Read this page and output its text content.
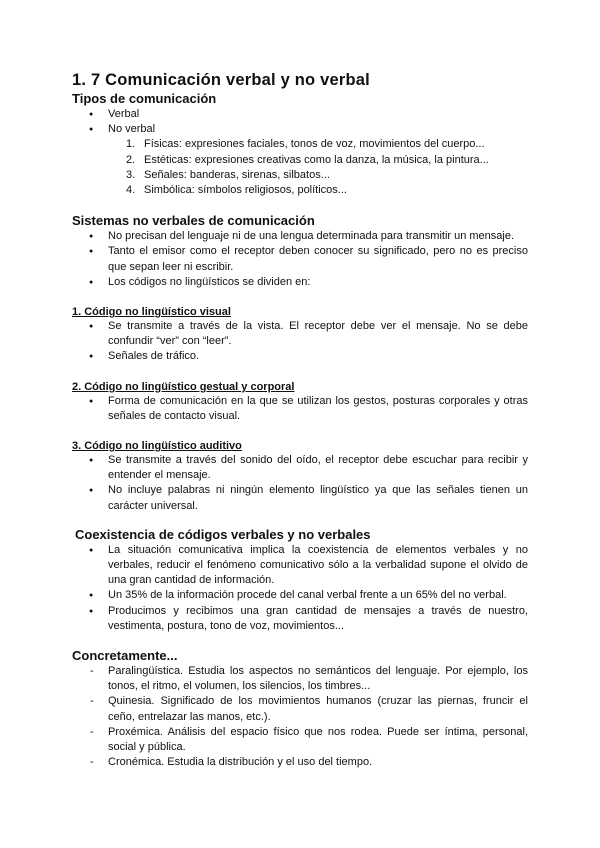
1. 7 Comunicación verbal y no verbal
Tipos de comunicación
● Verbal
● No verbal
1. Físicas: expresiones faciales, tonos de voz, movimientos del cuerpo...
2. Estéticas: expresiones creativas como la danza, la música, la pintura...
3. Señales: banderas, sirenas, silbatos...
4. Simbólica: símbolos religiosos, políticos...
Sistemas no verbales de comunicación
● No precisan del lenguaje ni de una lengua determinada para transmitir un mensaje.
● Tanto el emisor como el receptor deben conocer su significado, pero no es preciso que sepan leer ni escribir.
● Los códigos no lingüísticos se dividen en:
1. Código no lingüístico visual
● Se transmite a través de la vista. El receptor debe ver el mensaje. No se debe confundir “ver” con “leer”.
● Señales de tráfico.
2. Código no lingüístico gestual y corporal
● Forma de comunicación en la que se utilizan los gestos, posturas corporales y otras señales de contacto visual.
3. Código no lingüístico auditivo
● Se transmite a través del sonido del oído, el receptor debe escuchar para recibir y entender el mensaje.
● No incluye palabras ni ningún elemento lingüístico ya que las señales tienen un carácter universal.
Coexistencia de códigos verbales y no verbales
● La situación comunicativa implica la coexistencia de elementos verbales y no verbales, reducir el fenómeno comunicativo sólo a la verbalidad supone el olvido de una gran cantidad de información.
● Un 35% de la información procede del canal verbal frente a un 65% del no verbal.
● Producimos y recibimos una gran cantidad de mensajes a través de nuestro, vestimenta, postura, tono de voz, movimientos...
Concretamente...
- Paralingüística. Estudia los aspectos no semánticos del lenguaje. Por ejemplo, los tonos, el ritmo, el volumen, los silencios, los timbres...
- Quinesia. Significado de los movimientos humanos (cruzar las piernas, fruncir el ceño, entrelazar las manos, etc.).
- Proxémica. Análisis del espacio físico que nos rodea. Puede ser íntima, personal, social y pública.
- Cronémica. Estudia la distribución y el uso del tiempo.
